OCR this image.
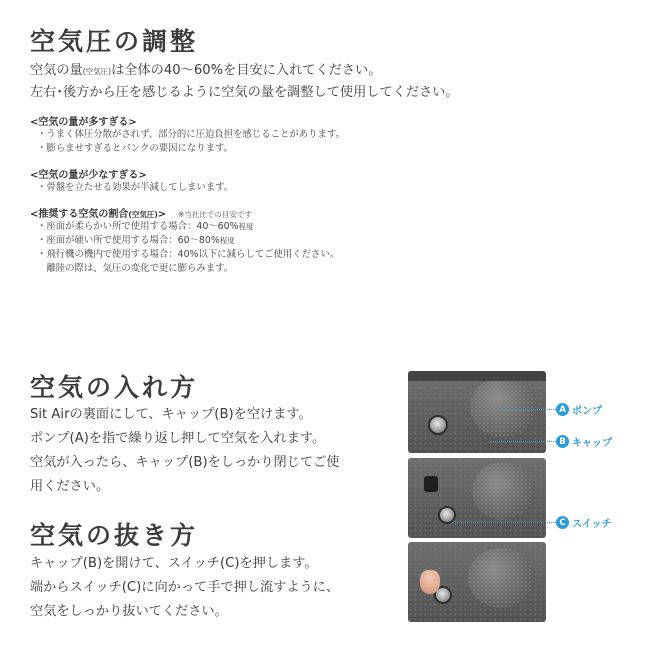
空気圧の調整
空気の量(空気圧)は全体の40〜60%を目安に入れてください。
左右･後方から圧を感じるように空気の量を調整して使用してください。
<空気の量が多すぎる>
・うまく体圧分散がされず、部分的に圧迫負担を感じることがあります。
・膨らませすぎるとパンクの要因になります。
<空気の量が少なすぎる>
・骨盤を立たせる効果が半減してしまいます。
<推奨する空気の割合(空気圧)> ※当社比での目安です
・座面が柔らかい所で使用する場合：40〜60%程度
・座面が硬い所で使用する場合：60〜80%程度
・飛行機の機内で使用する場合：40%以下に減らしてご使用ください。
　離陸の際は、気圧の変化で更に膨らみます。
空気の入れ方
Sit Airの裏面にして、キャップ(B)を空けます。
ポンプ(A)を指で繰り返し押して空気を入れます。
空気が入ったら、キャップ(B)をしっかり閉じてご使
用ください。
空気の抜き方
キャップ(B)を開けて、スイッチ(C)を押します。
端からスイッチ(C)に向かって手で押し流すように、
空気をしっかり抜いてください。
A ポンプ
B キャップ
C スイッチ
